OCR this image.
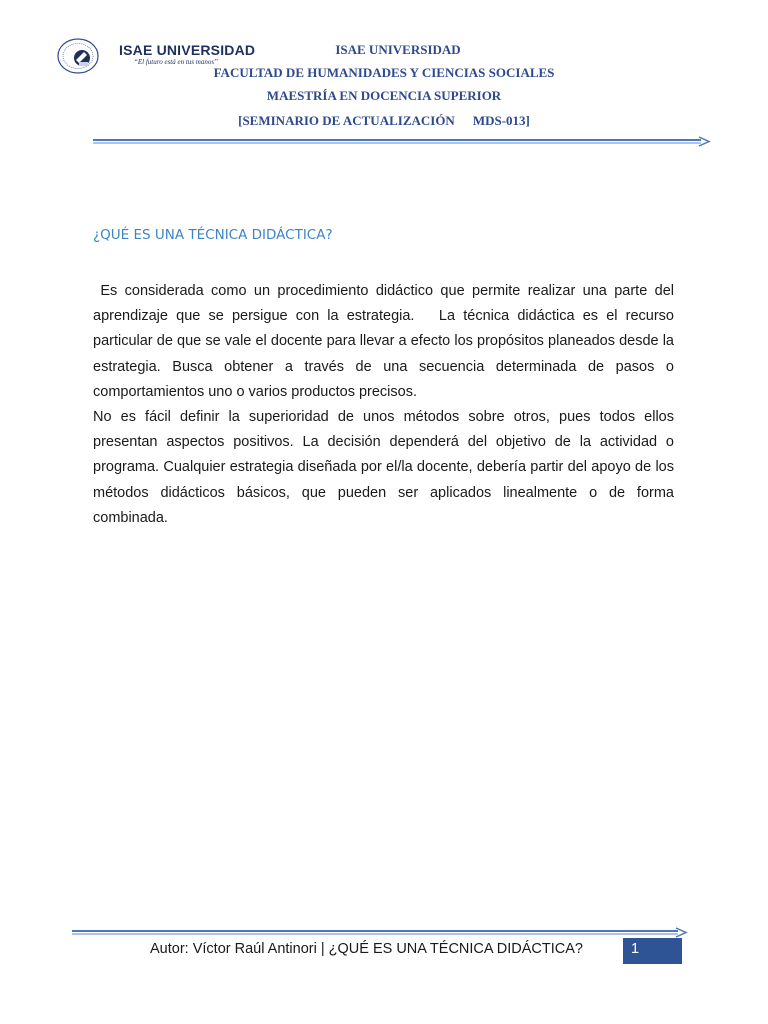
ISAE UNIVERSIDAD
“El futuro está en tus manos”
ISAE UNIVERSIDAD
FACULTAD DE HUMANIDADES Y CIENCIAS SOCIALES
MAESTRÍA EN DOCENCIA SUPERIOR
[SEMINARIO DE ACTUALIZACIÓN MDS-013]
¿QUÉ ES UNA TÉCNICA DIDÁCTICA?

Es considerada como un procedimiento didáctico que permite realizar una parte del aprendizaje que se persigue con la estrategia.   La técnica didáctica es el recurso particular de que se vale el docente para llevar a efecto los propósitos planeados desde la estrategia. Busca obtener a través de una secuencia determinada de pasos o comportamientos uno o varios productos precisos.

No es fácil definir la superioridad de unos métodos sobre otros, pues todos ellos presentan aspectos positivos. La decisión dependerá del objetivo de la actividad o programa. Cualquier estrategia diseñada por el/la docente, debería partir del apoyo de los métodos didácticos básicos, que pueden ser aplicados linealmente o de forma combinada.

Autor: Víctor Raúl Antinori | ¿QUÉ ES UNA TÉCNICA DIDÁCTICA?	1
